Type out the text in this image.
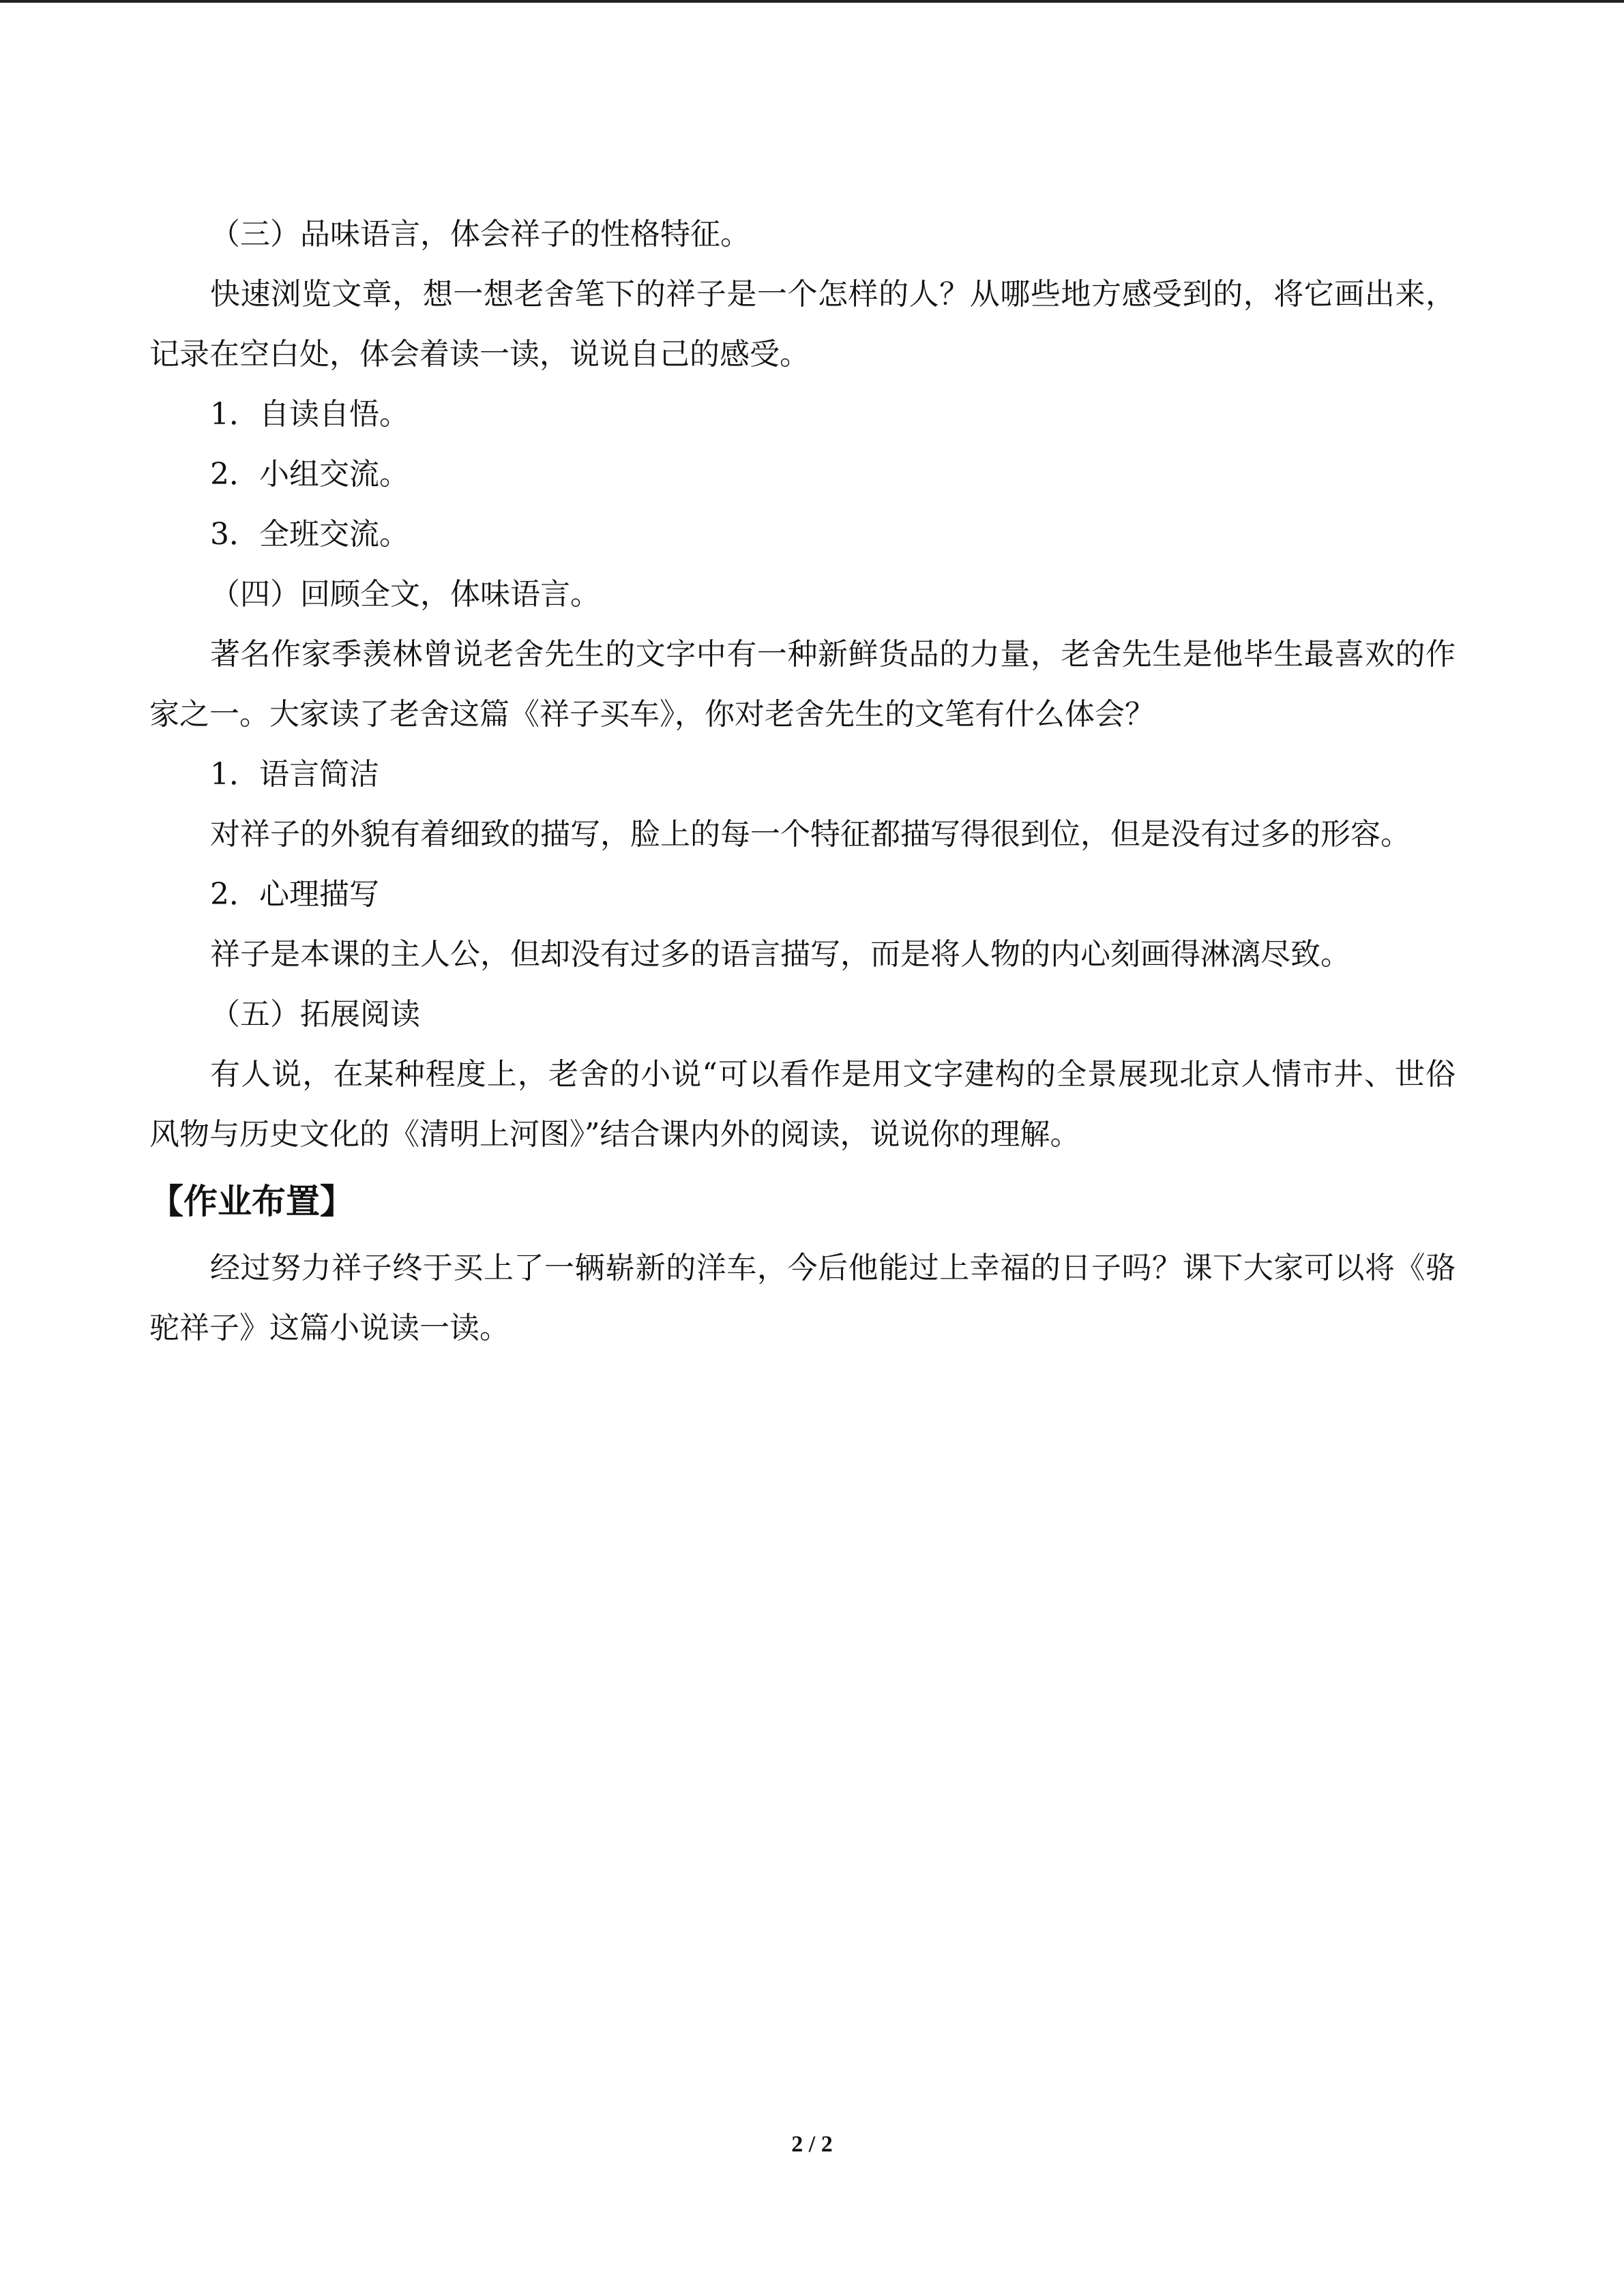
（三）品味语言，体会祥子的性格特征。

快速浏览文章，想一想老舍笔下的祥子是一个怎样的人？从哪些地方感受到的，将它画出来，记录在空白处，体会着读一读，说说自己的感受。

1．自读自悟。

2．小组交流。

3．全班交流。

（四）回顾全文，体味语言。

著名作家季羡林曾说老舍先生的文字中有一种新鲜货品的力量，老舍先生是他毕生最喜欢的作家之一。大家读了老舍这篇《祥子买车》，你对老舍先生的文笔有什么体会？

1．语言简洁

对祥子的外貌有着细致的描写，脸上的每一个特征都描写得很到位，但是没有过多的形容。

2．心理描写

祥子是本课的主人公，但却没有过多的语言描写，而是将人物的内心刻画得淋漓尽致。

（五）拓展阅读

有人说，在某种程度上，老舍的小说“可以看作是用文字建构的全景展现北京人情市井、世俗风物与历史文化的《清明上河图》”结合课内外的阅读，说说你的理解。

【作业布置】

经过努力祥子终于买上了一辆崭新的洋车，今后他能过上幸福的日子吗？课下大家可以将《骆驼祥子》这篇小说读一读。

2 / 2
